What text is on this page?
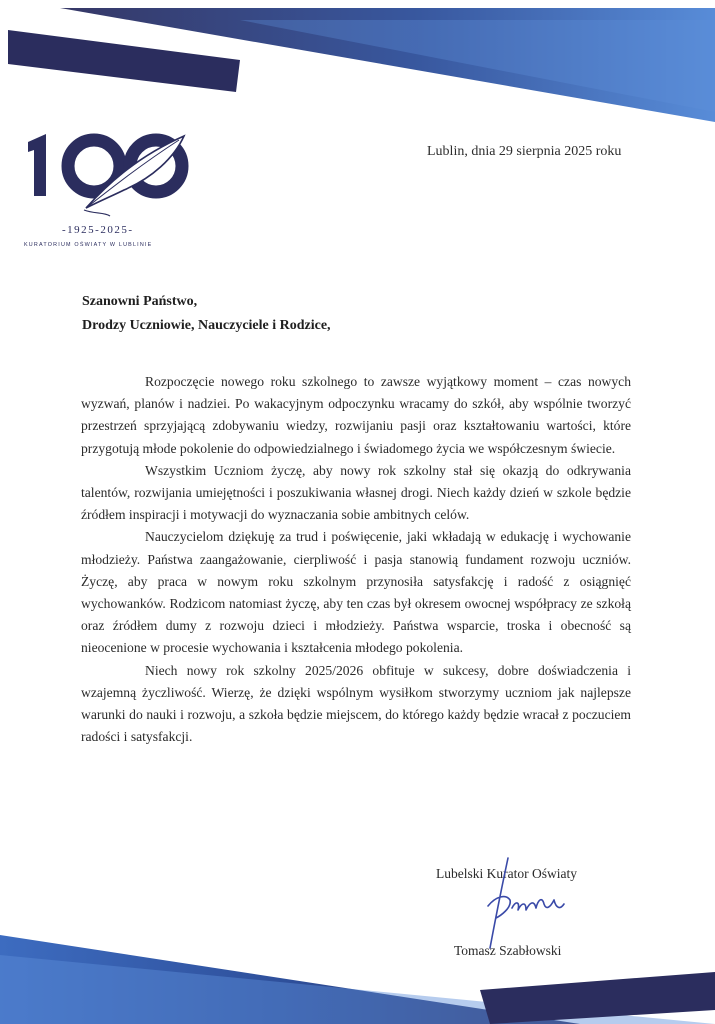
-1925-2025-
KURATORIUM OŚWIATY W LUBLINIE
Lublin, dnia 29 sierpnia 2025 roku
Szanowni Państwo,
Drodzy Uczniowie, Nauczyciele i Rodzice,

Rozpoczęcie nowego roku szkolnego to zawsze wyjątkowy moment – czas nowych wyzwań, planów i nadziei. Po wakacyjnym odpoczynku wracamy do szkół, aby wspólnie tworzyć przestrzeń sprzyjającą zdobywaniu wiedzy, rozwijaniu pasji oraz kształtowaniu wartości, które przygotują młode pokolenie do odpowiedzialnego i świadomego życia we współczesnym świecie.

Wszystkim Uczniom życzę, aby nowy rok szkolny stał się okazją do odkrywania talentów, rozwijania umiejętności i poszukiwania własnej drogi. Niech każdy dzień w szkole będzie źródłem inspiracji i motywacji do wyznaczania sobie ambitnych celów.

Nauczycielom dziękuję za trud i poświęcenie, jaki wkładają w edukację i wychowanie młodzieży. Państwa zaangażowanie, cierpliwość i pasja stanowią fundament rozwoju uczniów. Życzę, aby praca w nowym roku szkolnym przynosiła satysfakcję i radość z osiągnięć wychowanków. Rodzicom natomiast życzę, aby ten czas był okresem owocnej współpracy ze szkołą oraz źródłem dumy z rozwoju dzieci i młodzieży. Państwa wsparcie, troska i obecność są nieocenione w procesie wychowania i kształcenia młodego pokolenia.

Niech nowy rok szkolny 2025/2026 obfituje w sukcesy, dobre doświadczenia i wzajemną życzliwość. Wierzę, że dzięki wspólnym wysiłkom stworzymy uczniom jak najlepsze warunki do nauki i rozwoju, a szkoła będzie miejscem, do którego każdy będzie wracał z poczuciem radości i satysfakcji.

Lubelski Kurator Oświaty
Tomasz Szabłowski
